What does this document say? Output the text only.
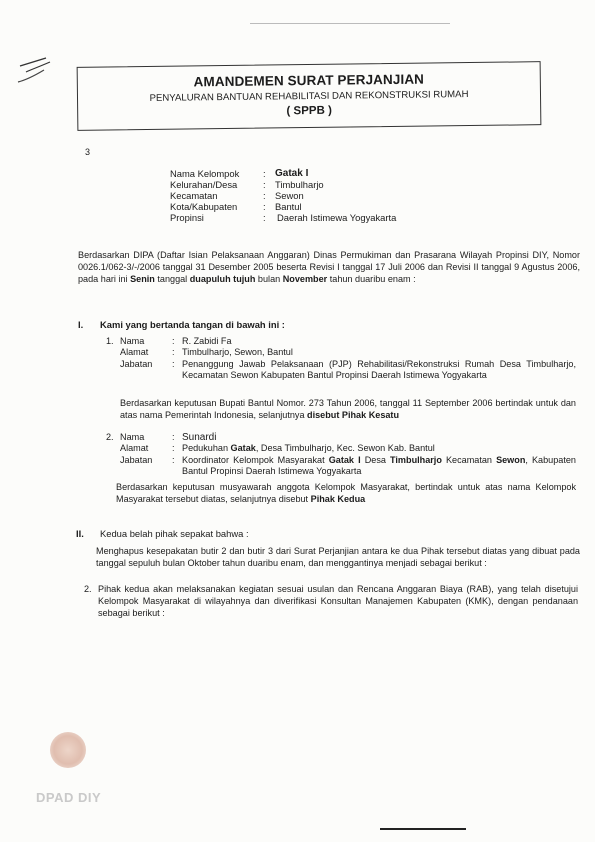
AMANDEMEN SURAT PERJANJIAN
PENYALURAN BANTUAN REHABILITASI DAN REKONSTRUKSI RUMAH
( SPPB )
3
Nama Kelompok	: Gatak I
Kelurahan/Desa	: Timbulharjo
Kecamatan	: Sewon
Kota/Kabupaten	: Bantul
Propinsi	:	Daerah Istimewa Yogyakarta
Berdasarkan DIPA (Daftar Isian Pelaksanaan Anggaran) Dinas Permukiman dan Prasarana Wilayah Propinsi DIY, Nomor 0026.1/062-3/-/2006 tanggal 31 Desember 2005 beserta Revisi I tanggal 17 Juli 2006 dan Revisi II tanggal 9 Agustus 2006, pada hari ini Senin tanggal duapuluh tujuh bulan November tahun duaribu enam :
I. Kami yang bertanda tangan di bawah ini :
1. Nama	: R. Zabidi Fa
Alamat	: Timbulharjo, Sewon, Bantul
Jabatan	: Penanggung Jawab Pelaksanaan (PJP) Rehabilitasi/Rekonstruksi Rumah Desa Timbulharjo, Kecamatan Sewon Kabupaten Bantul Propinsi Daerah Istimewa Yogyakarta
Berdasarkan keputusan Bupati Bantul Nomor. 273 Tahun 2006, tanggal 11 September 2006 bertindak untuk dan atas nama Pemerintah Indonesia, selanjutnya disebut Pihak Kesatu
2. Nama	: Sunardi
Alamat	: Pedukuhan Gatak, Desa Timbulharjo, Kec. Sewon Kab. Bantul
Jabatan	: Koordinator Kelompok Masyarakat Gatak I Desa Timbulharjo Kecamatan Sewon, Kabupaten Bantul Propinsi Daerah Istimewa Yogyakarta
Berdasarkan keputusan musyawarah anggota Kelompok Masyarakat, bertindak untuk atas nama Kelompok Masyarakat tersebut diatas, selanjutnya disebut Pihak Kedua
II. Kedua belah pihak sepakat bahwa :
Menghapus kesepakatan butir 2 dan butir 3 dari Surat Perjanjian antara ke dua Pihak tersebut diatas yang dibuat pada tanggal sepuluh bulan Oktober tahun duaribu enam, dan menggantinya menjadi sebagai berikut :
2. Pihak kedua akan melaksanakan kegiatan sesuai usulan dan Rencana Anggaran Biaya (RAB), yang telah disetujui Kelompok Masyarakat di wilayahnya dan diverifikasi Konsultan Manajemen Kabupaten (KMK), dengan pendanaan sebagai berikut :
DPAD DIY
